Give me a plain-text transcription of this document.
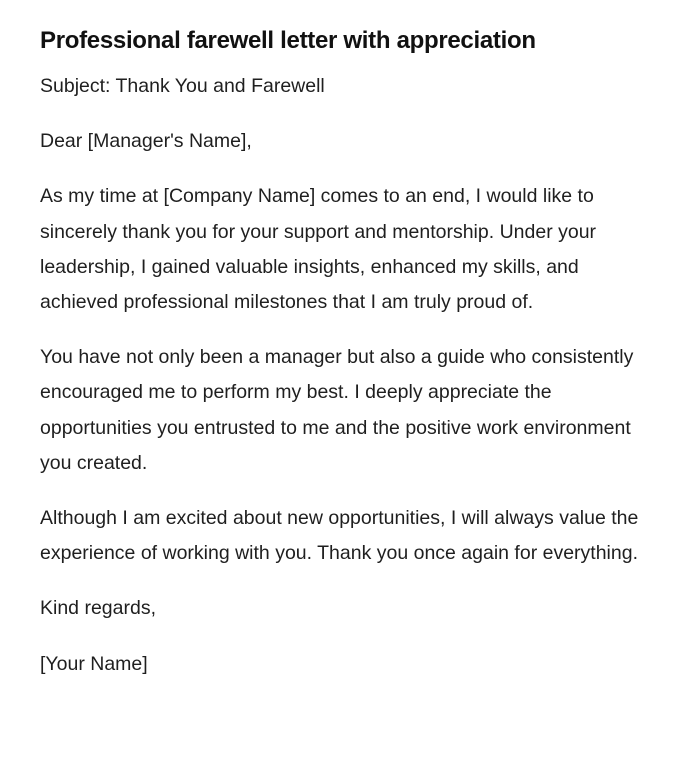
Professional farewell letter with appreciation

Subject: Thank You and Farewell

Dear [Manager's Name],

As my time at [Company Name] comes to an end, I would like to sincerely thank you for your support and mentorship. Under your leadership, I gained valuable insights, enhanced my skills, and achieved professional milestones that I am truly proud of.

You have not only been a manager but also a guide who consistently encouraged me to perform my best. I deeply appreciate the opportunities you entrusted to me and the positive work environment you created.

Although I am excited about new opportunities, I will always value the experience of working with you. Thank you once again for everything.

Kind regards,

[Your Name]
